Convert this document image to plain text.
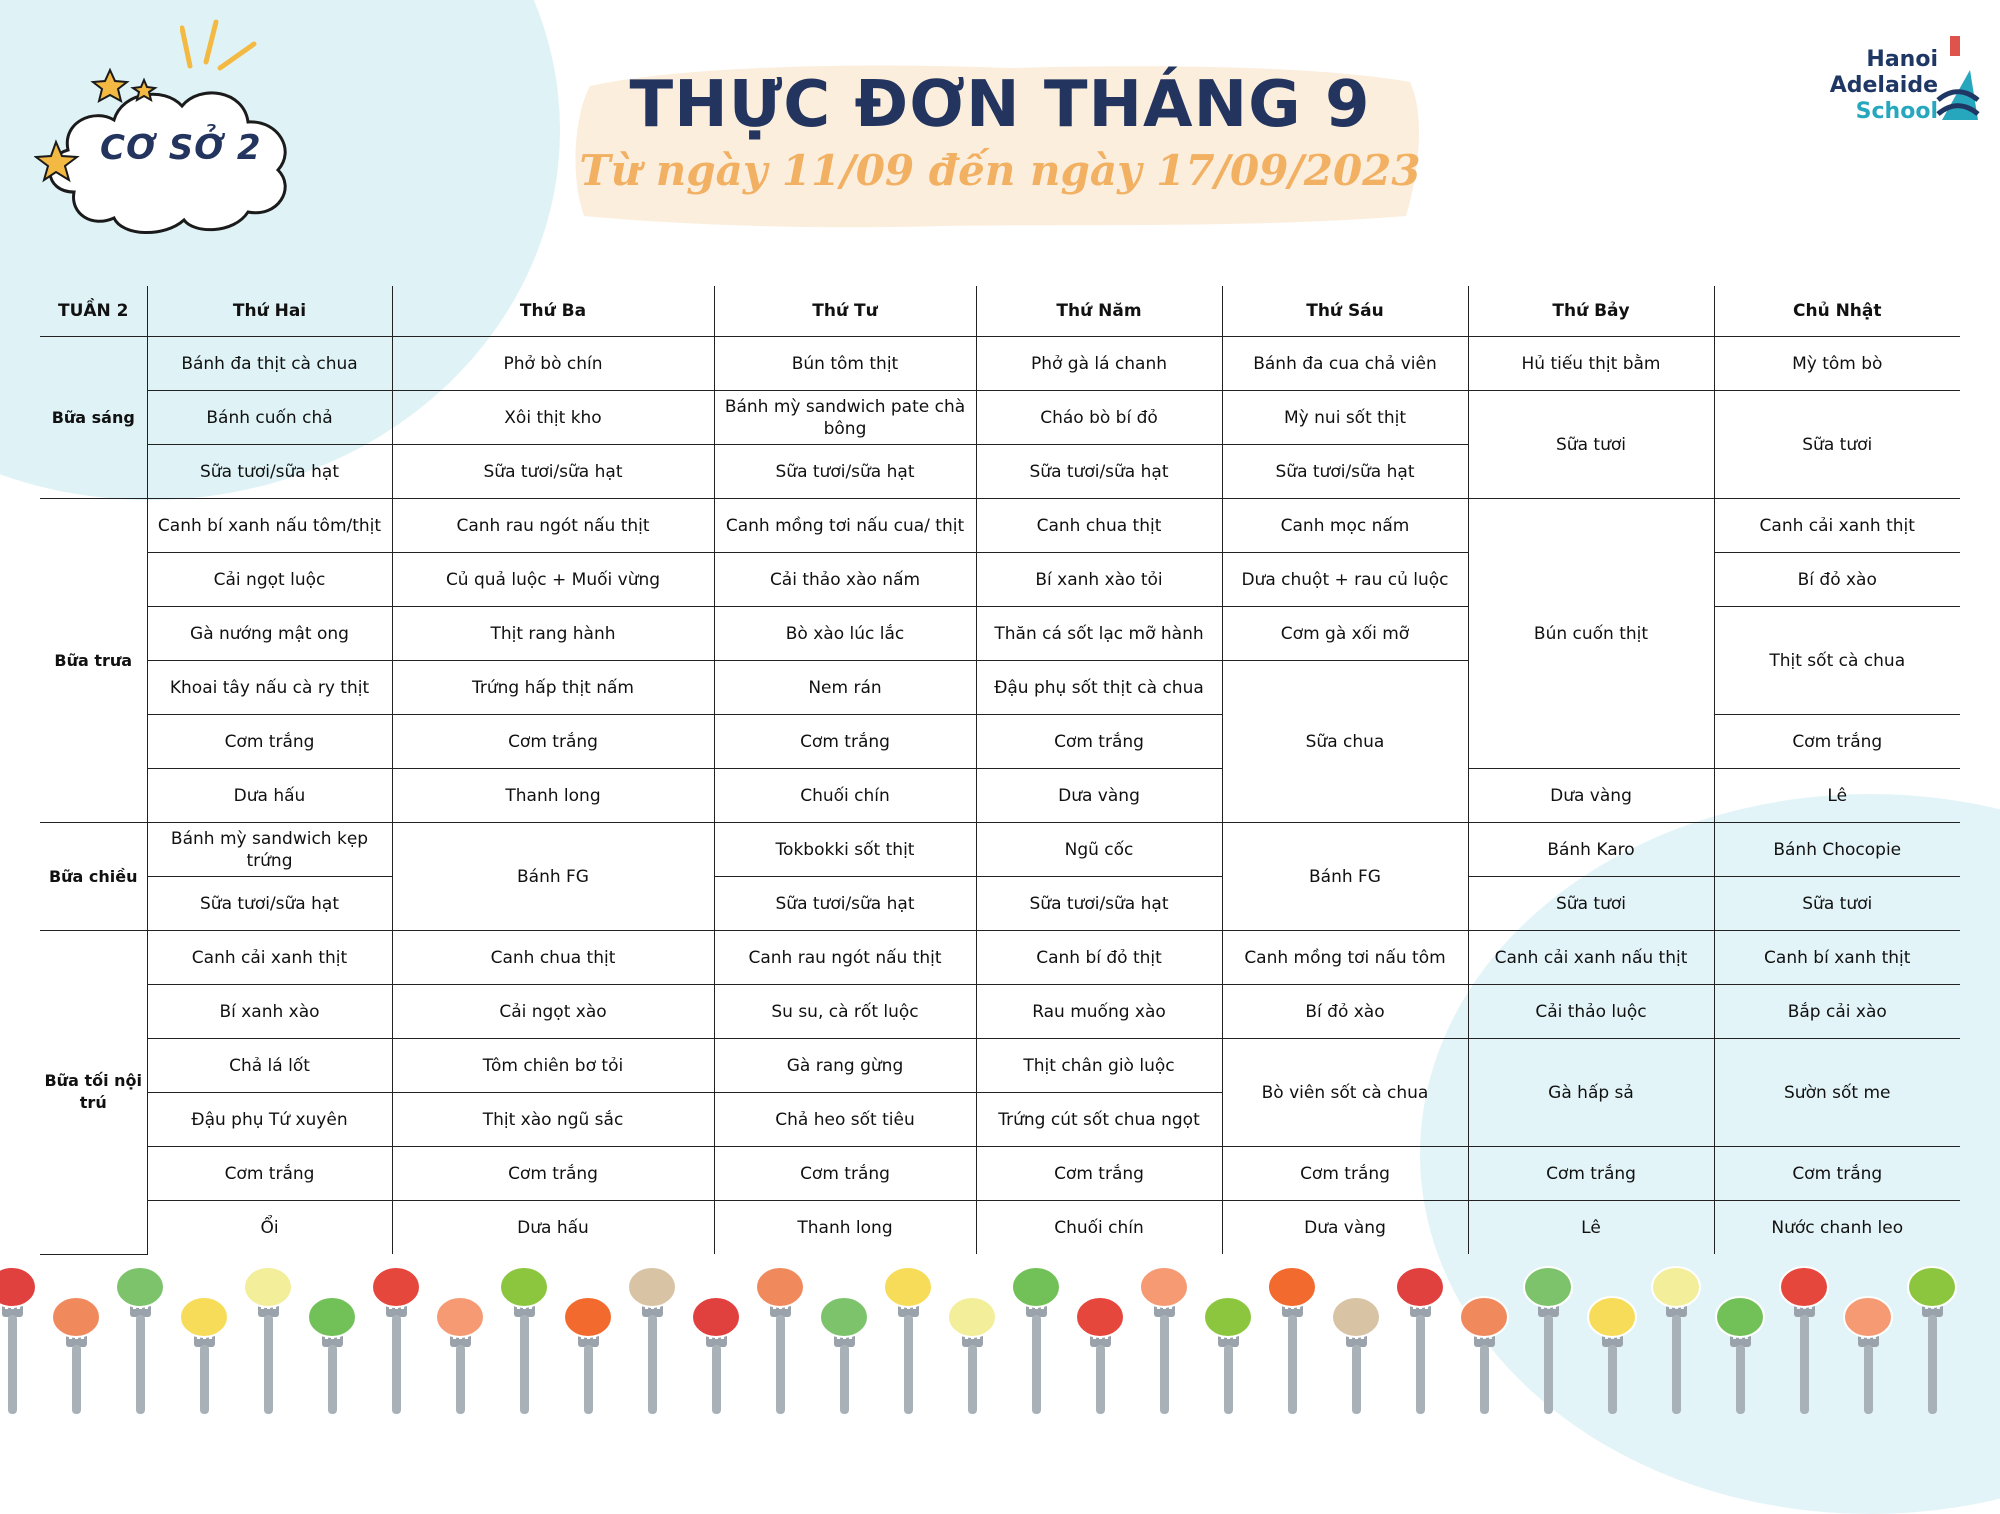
CƠ SỞ 2
THỰC ĐƠN THÁNG 9
Từ ngày 11/09 đến ngày 17/09/2023
Hanoi
Adelaide
School
TUẦN 2	Thứ Hai	Thứ Ba	Thứ Tư	Thứ Năm	Thứ Sáu	Thứ Bảy	Chủ Nhật
Bữa sáng	Bánh đa thịt cà chua	Phở bò chín	Bún tôm thịt	Phở gà lá chanh	Bánh đa cua chả viên	Hủ tiếu thịt bằm	Mỳ tôm bò
	Bánh cuốn chả	Xôi thịt kho	Bánh mỳ sandwich pate chà bông	Cháo bò bí đỏ	Mỳ nui sốt thịt	Sữa tươi	Sữa tươi
	Sữa tươi/sữa hạt	Sữa tươi/sữa hạt	Sữa tươi/sữa hạt	Sữa tươi/sữa hạt	Sữa tươi/sữa hạt		
Bữa trưa	Canh bí xanh nấu tôm/thịt	Canh rau ngót nấu thịt	Canh mồng tơi nấu cua/ thịt	Canh chua thịt	Canh mọc nấm	Bún cuốn thịt	Canh cải xanh thịt
	Cải ngọt luộc	Củ quả luộc + Muối vừng	Cải thảo xào nấm	Bí xanh xào tỏi	Dưa chuột + rau củ luộc		Bí đỏ xào
	Gà nướng mật ong	Thịt rang hành	Bò xào lúc lắc	Thăn cá sốt lạc mỡ hành	Cơm gà xối mỡ		Thịt sốt cà chua
	Khoai tây nấu cà ry thịt	Trứng hấp thịt nấm	Nem rán	Đậu phụ sốt thịt cà chua	Sữa chua		
	Cơm trắng	Cơm trắng	Cơm trắng	Cơm trắng			Cơm trắng
	Dưa hấu	Thanh long	Chuối chín	Dưa vàng		Dưa vàng	Lê
Bữa chiều	Bánh mỳ sandwich kẹp trứng	Bánh FG	Tokbokki sốt thịt	Ngũ cốc	Bánh FG	Bánh Karo	Bánh Chocopie
	Sữa tươi/sữa hạt		Sữa tươi/sữa hạt	Sữa tươi/sữa hạt		Sữa tươi	Sữa tươi
Bữa tối nội trú	Canh cải xanh thịt	Canh chua thịt	Canh rau ngót nấu thịt	Canh bí đỏ thịt	Canh mồng tơi nấu tôm	Canh cải xanh nấu thịt	Canh bí xanh thịt
	Bí xanh xào	Cải ngọt xào	Su su, cà rốt luộc	Rau muống xào	Bí đỏ xào	Cải thảo luộc	Bắp cải xào
	Chả lá lốt	Tôm chiên bơ tỏi	Gà rang gừng	Thịt chân giò luộc	Bò viên sốt cà chua	Gà hấp sả	Sườn sốt me
	Đậu phụ Tứ xuyên	Thịt xào ngũ sắc	Chả heo sốt tiêu	Trứng cút sốt chua ngọt			
	Cơm trắng	Cơm trắng	Cơm trắng	Cơm trắng	Cơm trắng	Cơm trắng	Cơm trắng
	Ổi	Dưa hấu	Thanh long	Chuối chín	Dưa vàng	Lê	Nước chanh leo
